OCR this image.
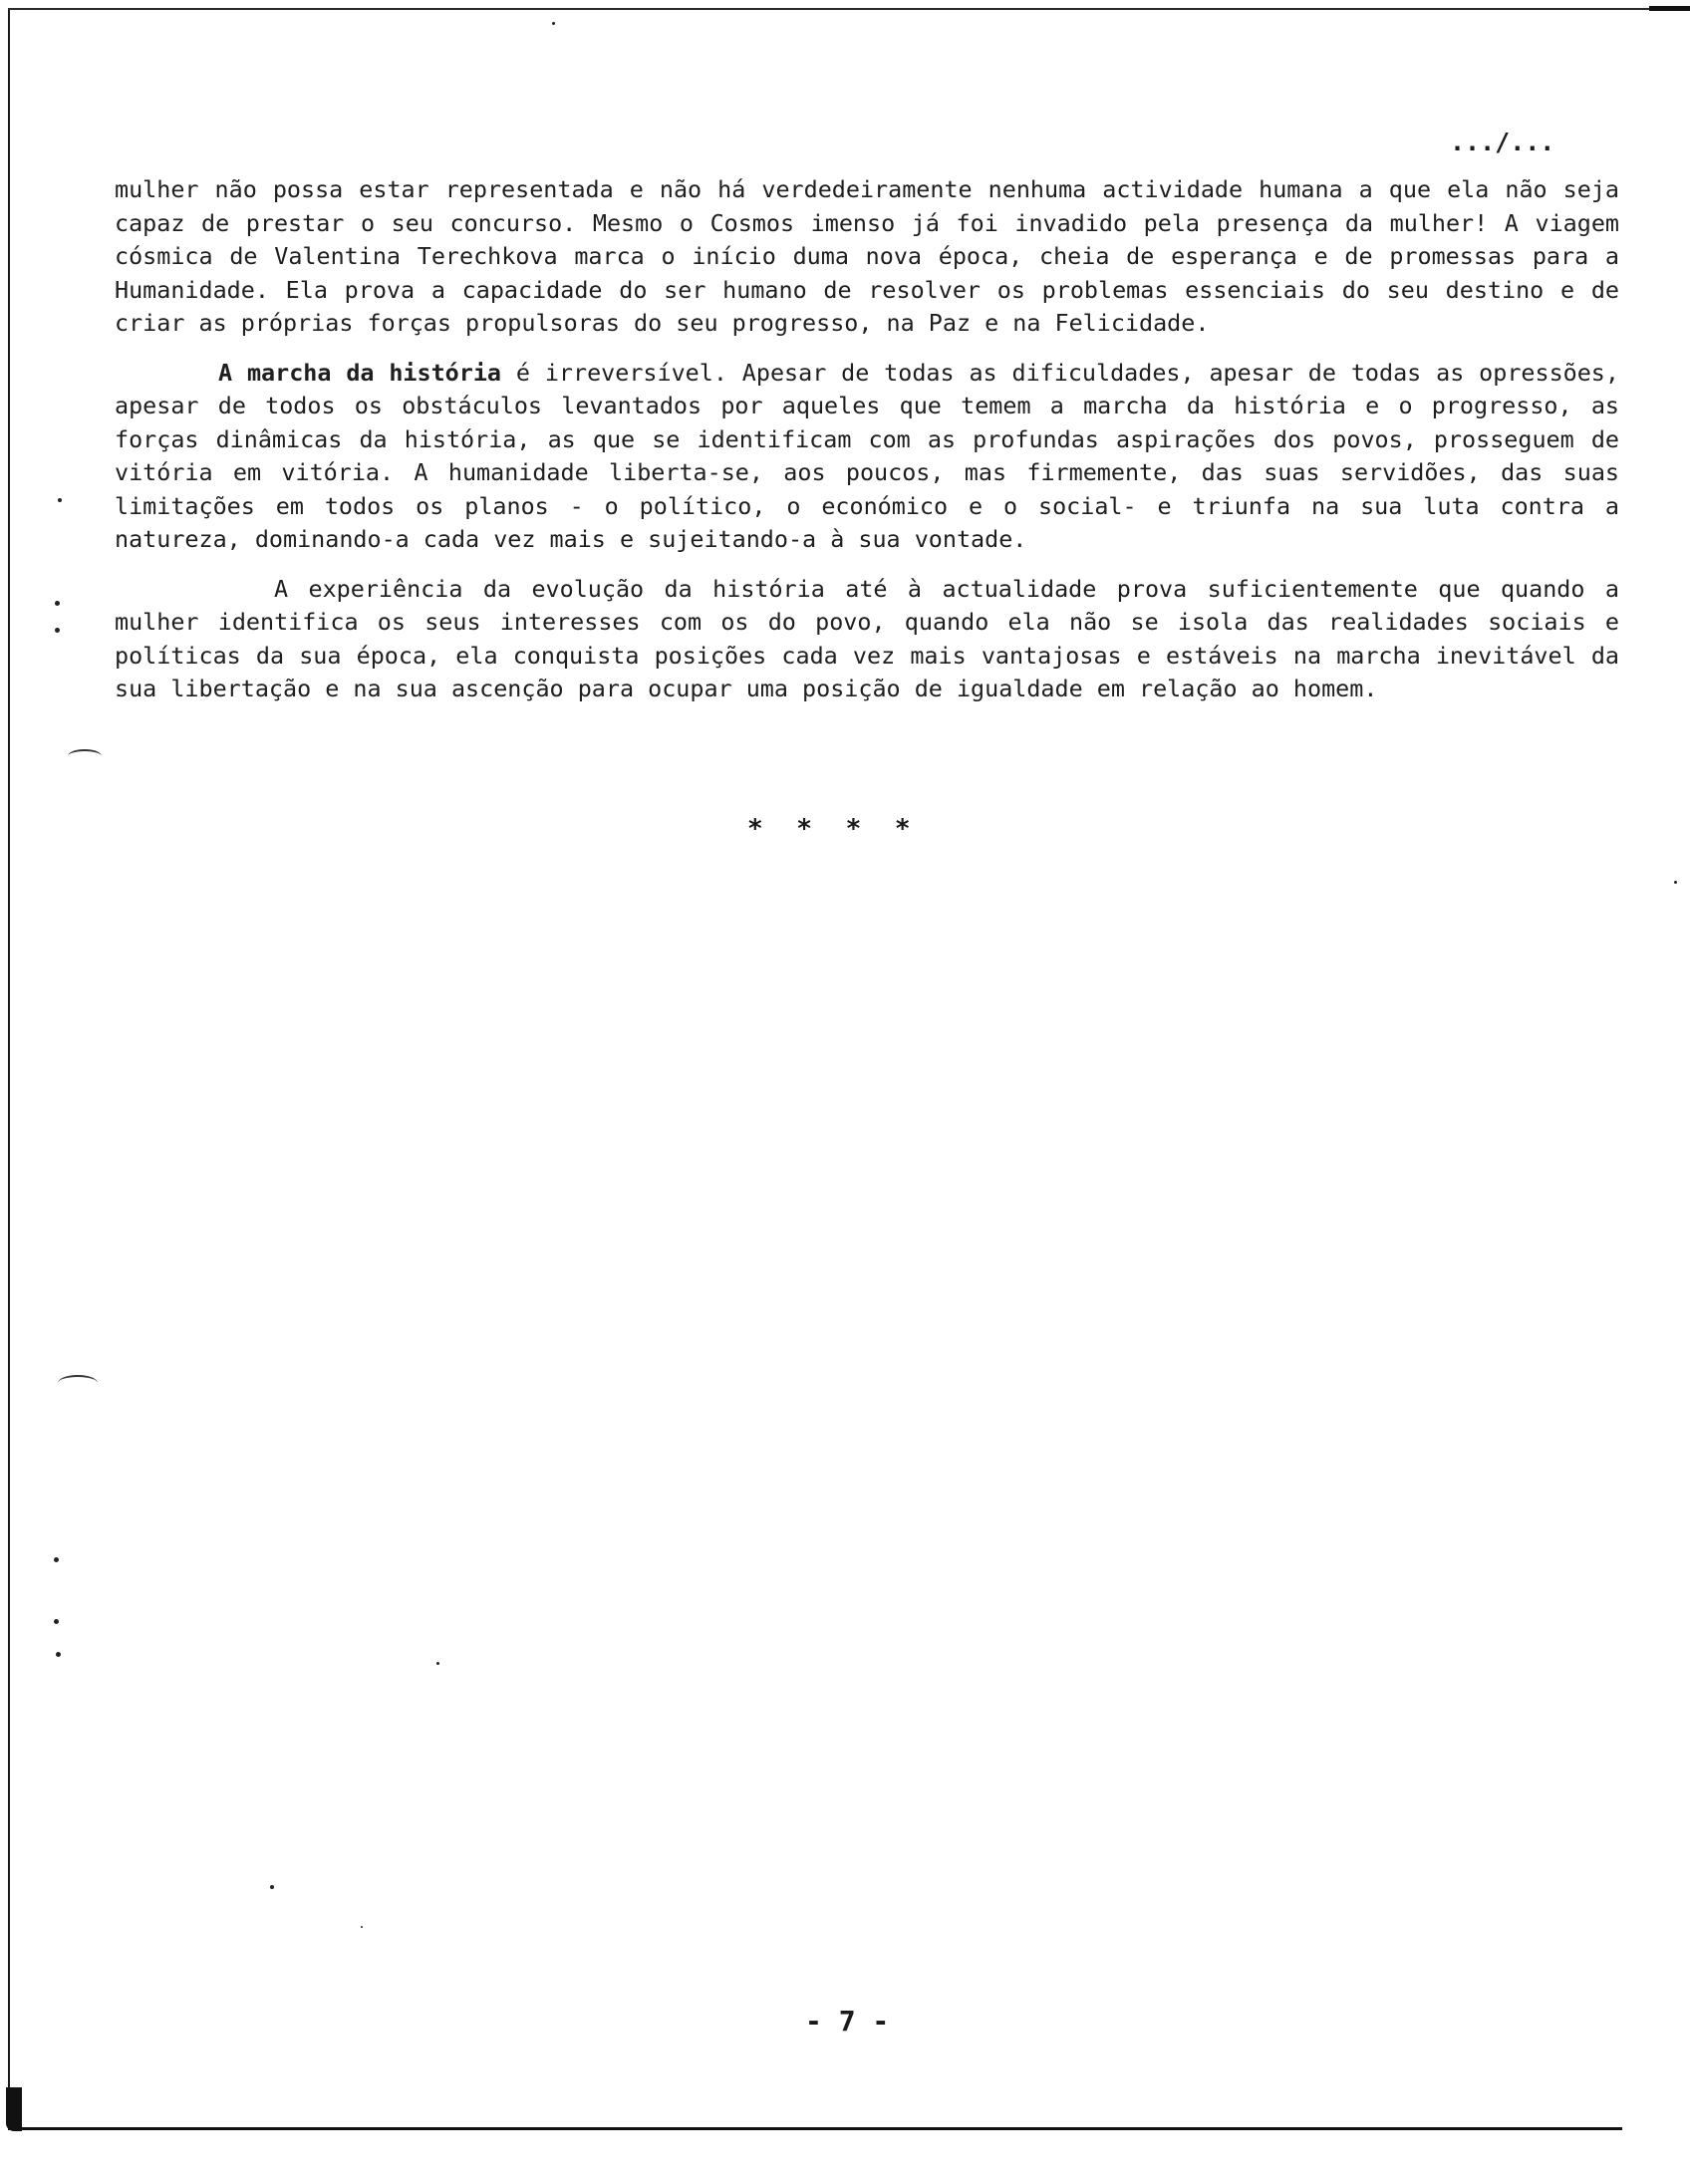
.../...

mulher não possa estar representada e não há verdedeiramente nenhuma actividade humana a que ela não seja capaz de prestar o seu concurso. Mesmo o Cosmos imenso já foi invadido pela presença da mulher! A viagem cósmica de Valentina Terechkova marca o início duma nova época, cheia de esperança e de promessas para a Humanidade. Ela prova a capacidade do ser humano de resolver os problemas essenciais do seu destino e de criar as próprias forças propulsoras do seu progresso, na Paz e na Felicidade.

A marcha da história é irreversível. Apesar de todas as dificuldades, apesar de todas as opressões, apesar de todos os obstáculos levantados por aqueles que temem a marcha da história e o progresso, as forças dinâmicas da história, as que se identificam com as profundas aspirações dos povos, prosseguem de vitória em vitória. A humanidade liberta-se, aos poucos, mas firmemente, das suas servidões, das suas limitações em todos os planos - o político, o económico e o social- e triunfa na sua luta contra a natureza, dominando-a cada vez mais e sujeitando-a à sua vontade.

A experiência da evolução da história até à actualidade prova suficientemente que quando a mulher identifica os seus interesses com os do povo, quando ela não se isola das realidades sociais e políticas da sua época, ela conquista posições cada vez mais vantajosas e estáveis na marcha inevitável da sua libertação e na sua ascenção para ocupar uma posição de igualdade em relação ao homem.

* * * *
- 7 -
